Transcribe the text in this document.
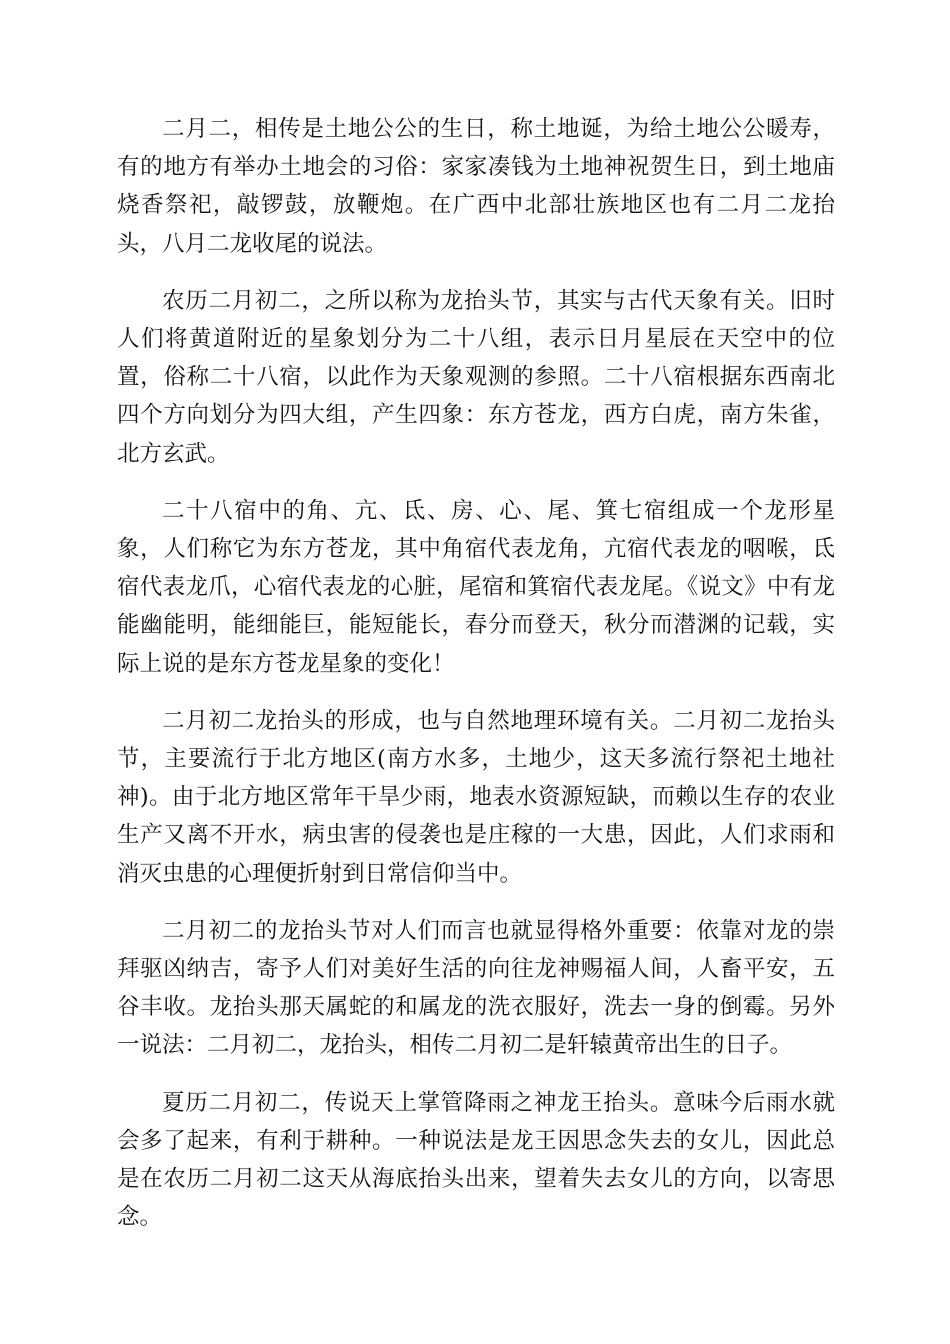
二月二，相传是土地公公的生日，称土地诞，为给土地公公暖寿，有的地方有举办土地会的习俗：家家凑钱为土地神祝贺生日，到土地庙烧香祭祀，敲锣鼓，放鞭炮。在广西中北部壮族地区也有二月二龙抬头，八月二龙收尾的说法。

农历二月初二，之所以称为龙抬头节，其实与古代天象有关。旧时人们将黄道附近的星象划分为二十八组，表示日月星辰在天空中的位置，俗称二十八宿，以此作为天象观测的参照。二十八宿根据东西南北四个方向划分为四大组，产生四象：东方苍龙，西方白虎，南方朱雀，北方玄武。

二十八宿中的角、亢、氐、房、心、尾、箕七宿组成一个龙形星象，人们称它为东方苍龙，其中角宿代表龙角，亢宿代表龙的咽喉，氐宿代表龙爪，心宿代表龙的心脏，尾宿和箕宿代表龙尾。《说文》中有龙能幽能明，能细能巨，能短能长，春分而登天，秋分而潜渊的记载，实际上说的是东方苍龙星象的变化！

二月初二龙抬头的形成，也与自然地理环境有关。二月初二龙抬头节，主要流行于北方地区(南方水多，土地少，这天多流行祭祀土地社神)。由于北方地区常年干旱少雨，地表水资源短缺，而赖以生存的农业生产又离不开水，病虫害的侵袭也是庄稼的一大患，因此，人们求雨和消灭虫患的心理便折射到日常信仰当中。

二月初二的龙抬头节对人们而言也就显得格外重要：依靠对龙的崇拜驱凶纳吉，寄予人们对美好生活的向往龙神赐福人间，人畜平安，五谷丰收。龙抬头那天属蛇的和属龙的洗衣服好，洗去一身的倒霉。另外一说法：二月初二，龙抬头，相传二月初二是轩辕黄帝出生的日子。

夏历二月初二，传说天上掌管降雨之神龙王抬头。意味今后雨水就会多了起来，有利于耕种。一种说法是龙王因思念失去的女儿，因此总是在农历二月初二这天从海底抬头出来，望着失去女儿的方向，以寄思念。
